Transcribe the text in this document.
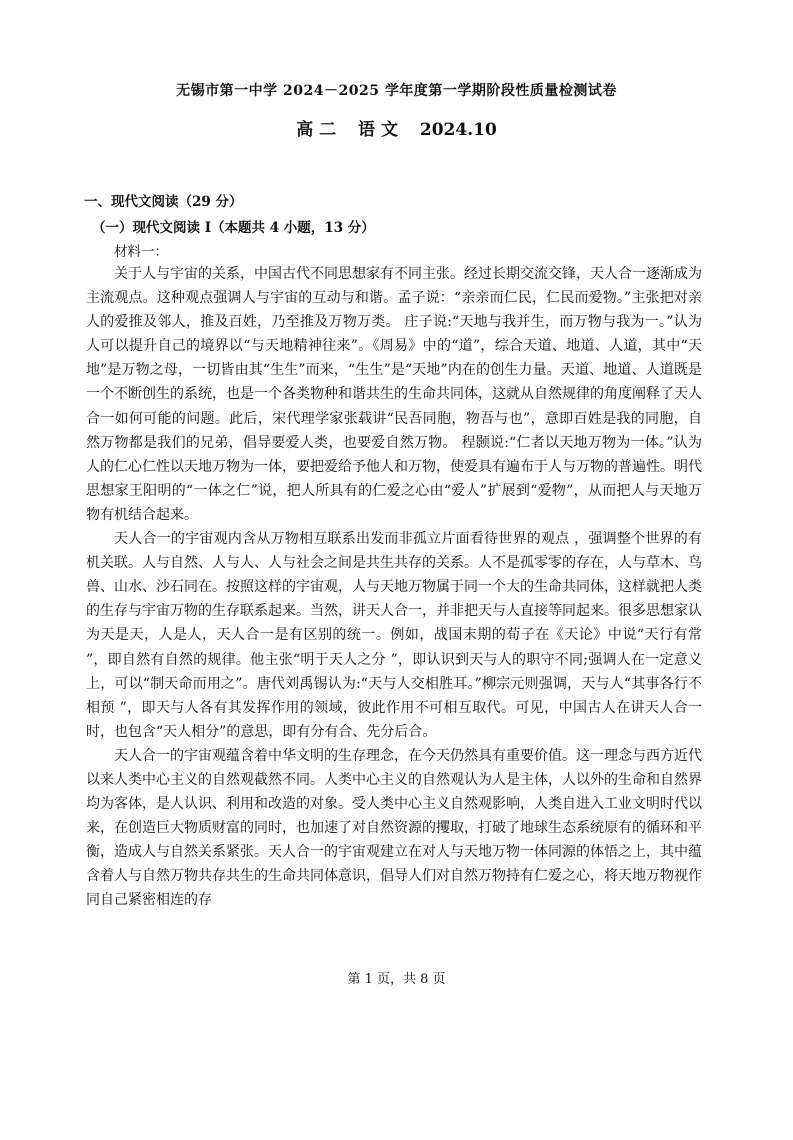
无锡市第一中学 2024－2025 学年度第一学期阶段性质量检测试卷
高 二 语 文 2024.10
一、现代文阅读（29 分）
（一）现代文阅读 I（本题共 4 小题，13 分）
材料一：

关于人与宇宙的关系，中国古代不同思想家有不同主张。经过长期交流交锋，天人合一逐渐成为主流观点。这种观点强调人与宇宙的互动与和谐。孟子说：“亲亲而仁民，仁民而爱物。”主张把对亲人的爱推及邻人，推及百姓，乃至推及万物万类。 庄子说:“天地与我并生，而万物与我为一。”认为人可以提升自己的境界以“与天地精神往来”。《周易》中的“道”，综合天道、地道、人道，其中“天地”是万物之母，一切皆由其“生生”而来，“生生”是“天地”内在的创生力量。天道、地道、人道既是一个不断创生的系统，也是一个各类物种和谐共生的生命共同体，这就从自然规律的角度阐释了天人合一如何可能的问题。此后，宋代理学家张载讲“民吾同胞，物吾与也”，意即百姓是我的同胞，自然万物都是我们的兄弟，倡导要爱人类，也要爱自然万物。 程颢说:“仁者以天地万物为一体。”认为人的仁心仁性以天地万物为一体，要把爱给予他人和万物，使爱具有遍布于人与万物的普遍性。明代思想家王阳明的“一体之仁”说，把人所具有的仁爱之心由“爱人”扩展到“爱物”，从而把人与天地万物有机结合起来。

天人合一的宇宙观内含从万物相互联系出发而非孤立片面看待世界的观点 ，强调整个世界的有机关联。人与自然、人与人、人与社会之间是共生共存的关系。人不是孤零零的存在，人与草木、鸟兽、山水、沙石同在。按照这样的宇宙观，人与天地万物属于同一个大的生命共同体，这样就把人类的生存与宇宙万物的生存联系起来。当然，讲天人合一，并非把天与人直接等同起来。很多思想家认为天是天，人是人，天人合一是有区别的统一。例如，战国末期的荀子在《天论》中说“天行有常 ”，即自然有自然的规律。他主张“明于天人之分 ”，即认识到天与人的职守不同;强调人在一定意义上，可以“制天命而用之”。唐代刘禹锡认为:“天与人交相胜耳。”柳宗元则强调，天与人“其事各行不相预 ”，即天与人各有其发挥作用的领域，彼此作用不可相互取代。可见，中国古人在讲天人合一时，也包含“天人相分”的意思，即有分有合、先分后合。

天人合一的宇宙观蕴含着中华文明的生存理念，在今天仍然具有重要价值。这一理念与西方近代以来人类中心主义的自然观截然不同。人类中心主义的自然观认为人是主体，人以外的生命和自然界均为客体，是人认识、利用和改造的对象。受人类中心主义自然观影响，人类自进入工业文明时代以来，在创造巨大物质财富的同时，也加速了对自然资源的攫取，打破了地球生态系统原有的循环和平衡，造成人与自然关系紧张。天人合一的宇宙观建立在对人与天地万物一体同源的体悟之上，其中蕴含着人与自然万物共存共生的生命共同体意识，倡导人们对自然万物持有仁爱之心，将天地万物视作同自己紧密相连的存

第 1 页，共 8 页
